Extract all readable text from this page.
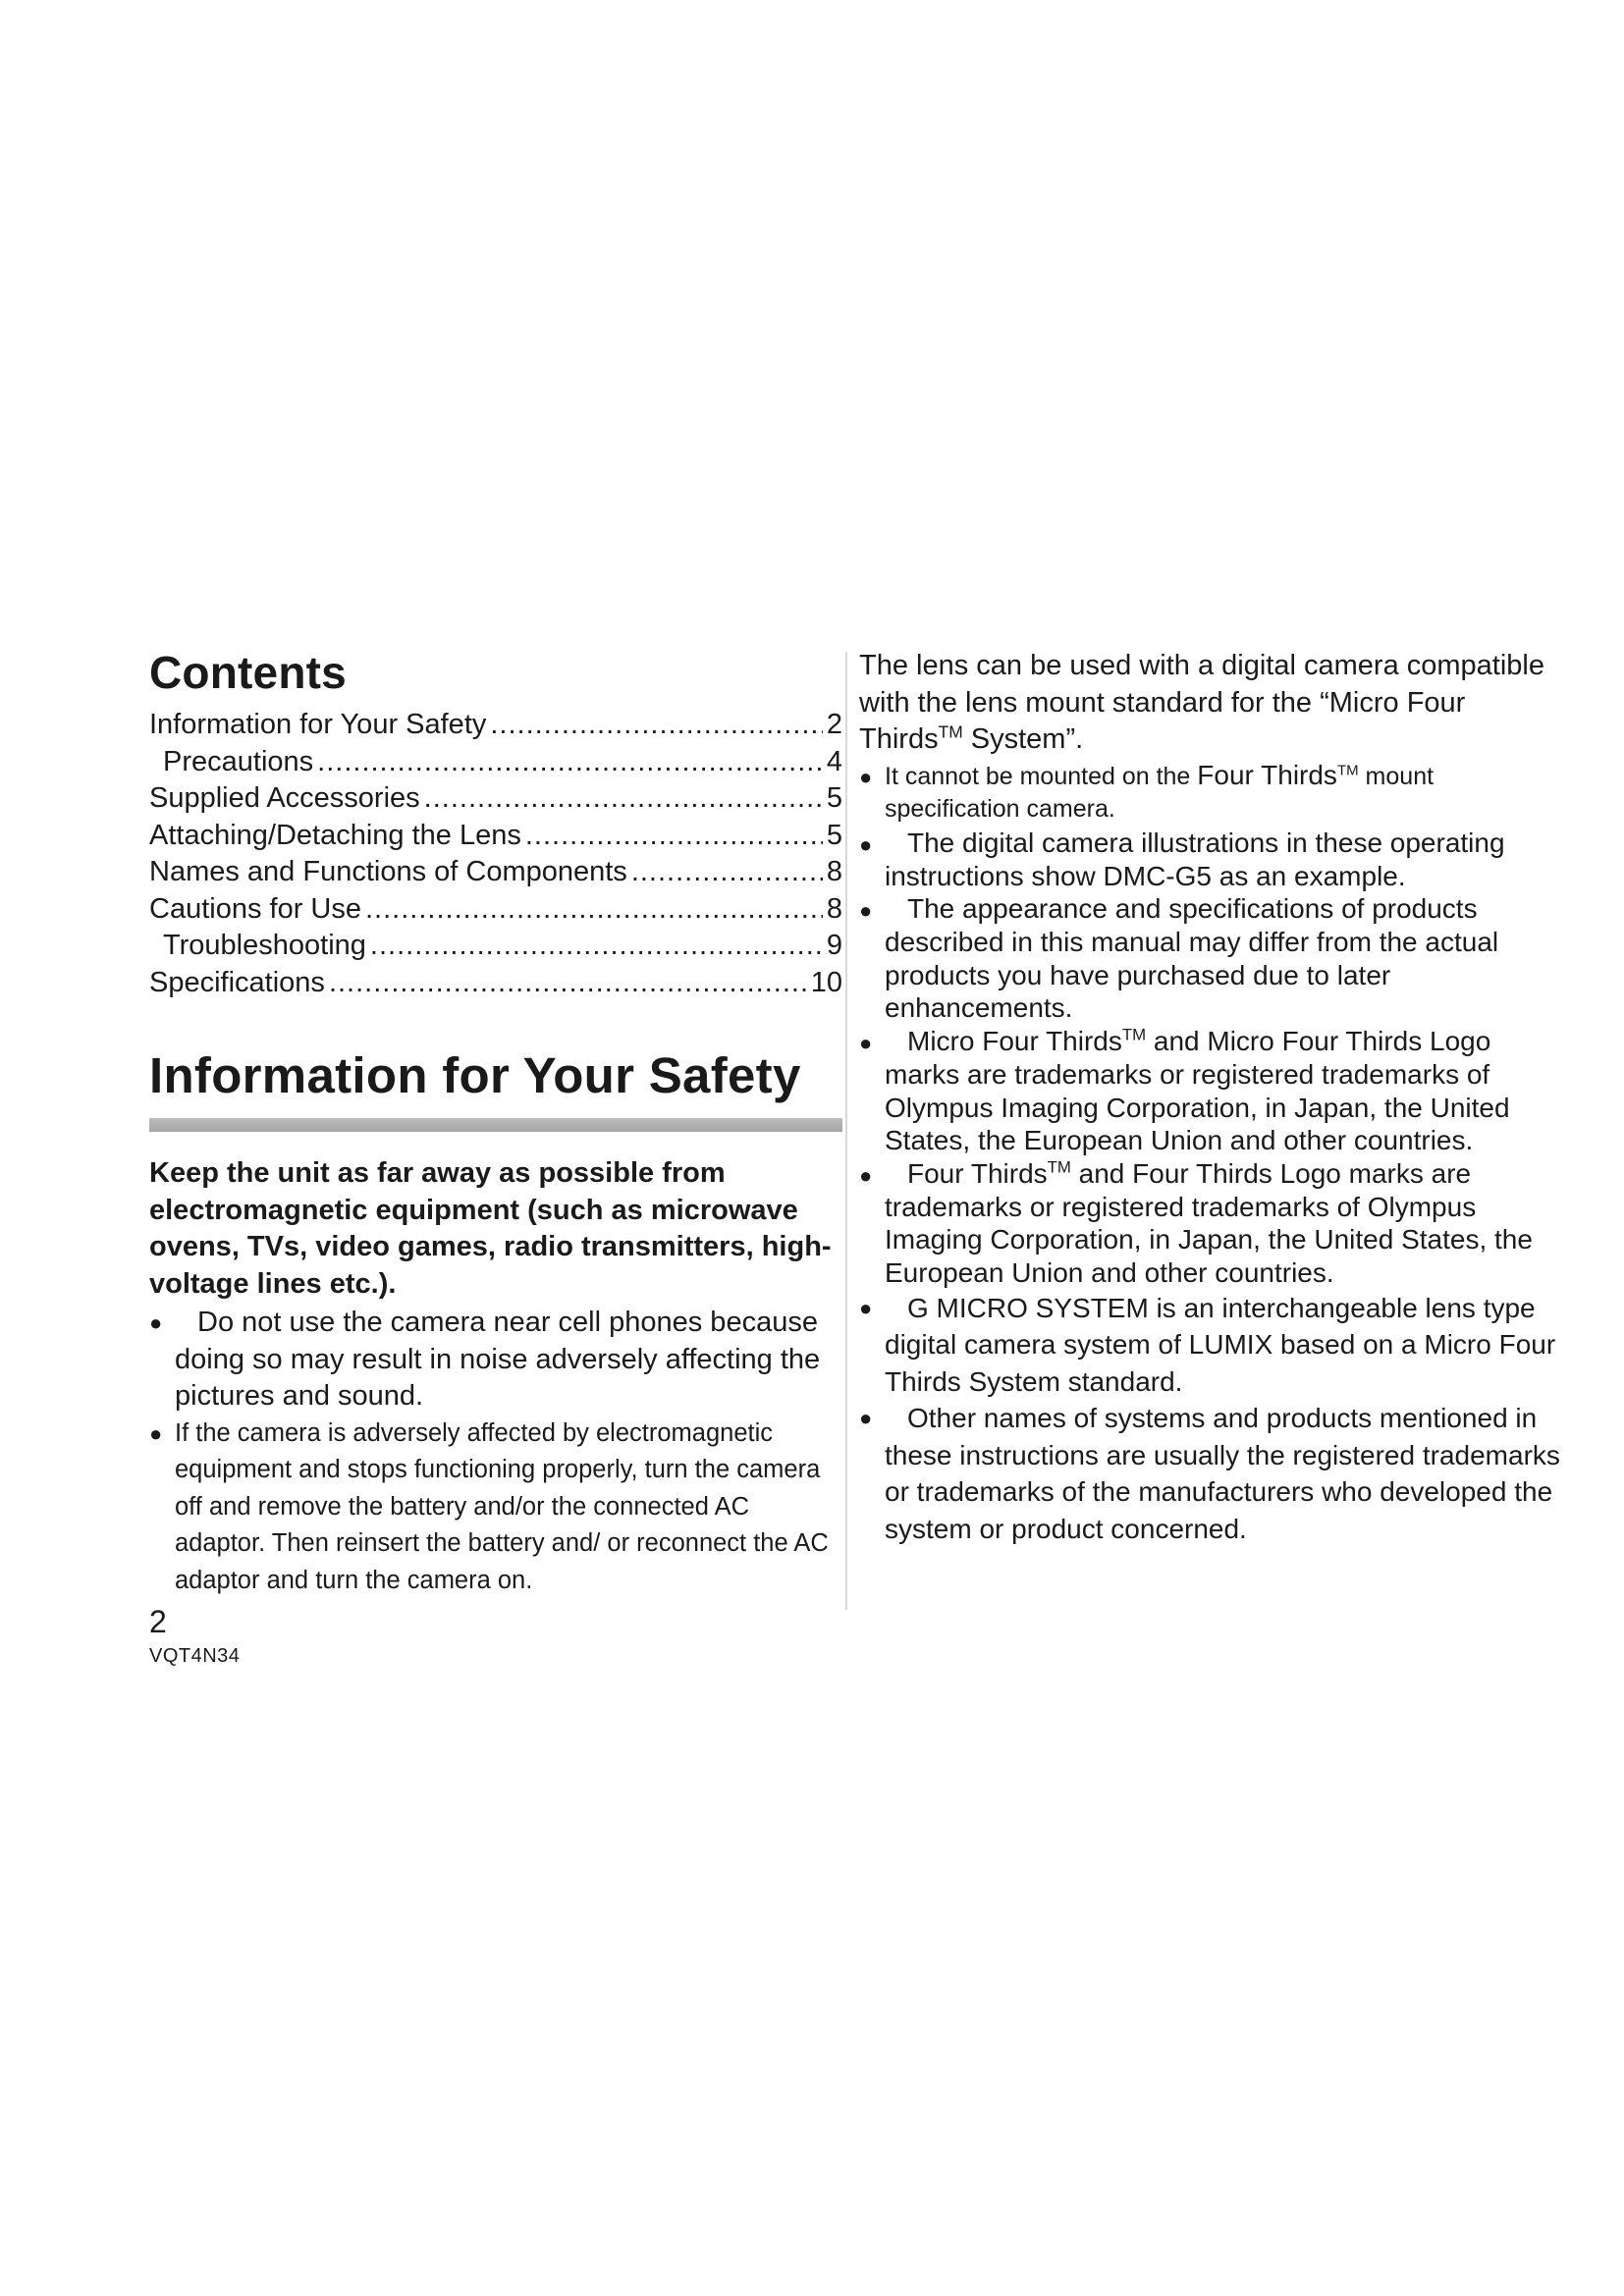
Contents
Information for Your Safety .....	2
Precautions .....	4
Supplied Accessories .....	5
Attaching/Detaching the Lens .....	5
Names and Functions of Components .....	8
Cautions for Use .....	8
Troubleshooting .....	9
Specifications .....	10
Information for Your Safety

Keep the unit as far away as possible from electromagnetic equipment (such as microwave ovens, TVs, video games, radio transmitters, high-voltage lines etc.).

●	Do not use the camera near cell phones because doing so may result in noise adversely affecting the pictures and sound.
● If the camera is adversely affected by electromagnetic equipment and stops functioning properly, turn the camera off and remove the battery and/or the connected AC adaptor. Then reinsert the battery and/ or reconnect the AC adaptor and turn the camera on.

The lens can be used with a digital camera compatible with the lens mount standard for the “Micro Four Thirds™ System”.

● It cannot be mounted on the Four Thirds™ mount specification camera.
●	The digital camera illustrations in these operating instructions show DMC-G5 as an example.
●	The appearance and specifications of products described in this manual may differ from the actual products you have purchased due to later enhancements.
●	Micro Four Thirds™ and Micro Four Thirds Logo marks are trademarks or registered trademarks of Olympus Imaging Corporation, in Japan, the United States, the European Union and other countries.
●	Four Thirds™ and Four Thirds Logo marks are trademarks or registered trademarks of Olympus Imaging Corporation, in Japan, the United States, the European Union and other countries.
●	G MICRO SYSTEM is an interchangeable lens type digital camera system of LUMIX based on a Micro Four Thirds System standard.
●	Other names of systems and products mentioned in these instructions are usually the registered trademarks or trademarks of the manufacturers who developed the system or product concerned.
2
VQT4N34
